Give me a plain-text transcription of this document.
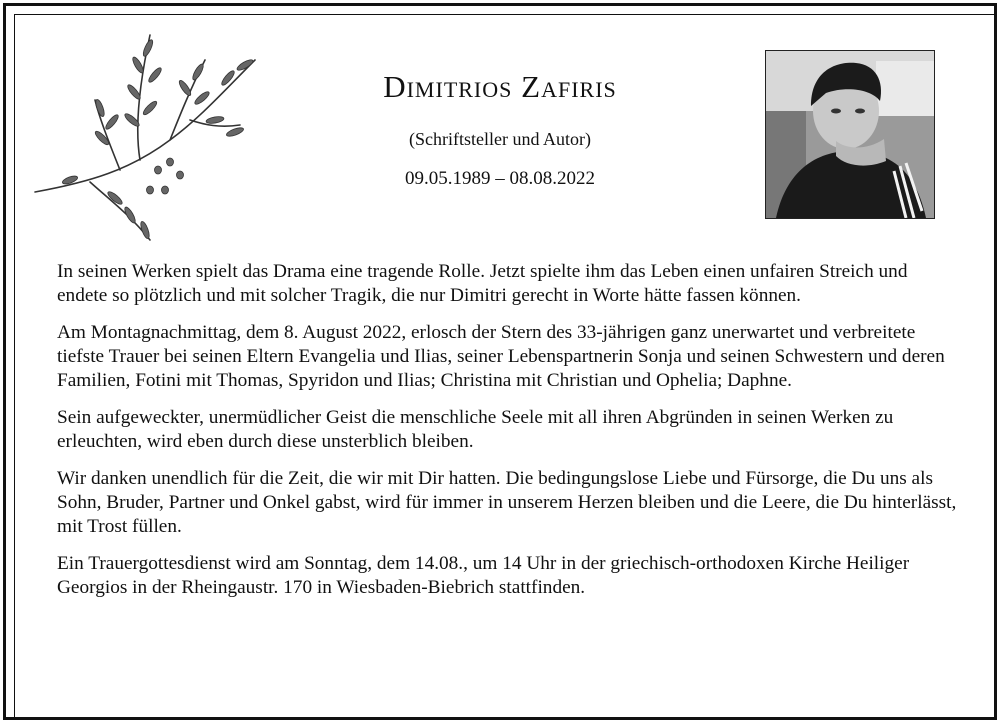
Dimitrios Zafiris
(Schriftsteller und Autor)
09.05.1989 – 08.08.2022

In seinen Werken spielt das Drama eine tragende Rolle. Jetzt spielte ihm das Leben einen unfairen Streich und endete so plötzlich und mit solcher Tragik, die nur Dimitri gerecht in Worte hätte fassen können.

Am Montagnachmittag, dem 8. August 2022, erlosch der Stern des 33-jährigen ganz unerwartet und verbreitete tiefste Trauer bei seinen Eltern Evangelia und Ilias, seiner Lebenspartnerin Sonja und seinen Schwestern und deren Familien, Fotini mit Thomas, Spyridon und Ilias; Christina mit Christian und Ophelia; Daphne.

Sein aufgeweckter, unermüdlicher Geist die menschliche Seele mit all ihren Abgründen in seinen Werken zu erleuchten, wird eben durch diese unsterblich bleiben.

Wir danken unendlich für die Zeit, die wir mit Dir hatten. Die bedingungslose Liebe und Fürsorge, die Du uns als Sohn, Bruder, Partner und Onkel gabst, wird für immer in unserem Herzen bleiben und die Leere, die Du hinterlässt, mit Trost füllen.

Ein Trauergottesdienst wird am Sonntag, dem 14.08., um 14 Uhr in der griechisch-orthodoxen Kirche Heiliger Georgios in der Rheingaustr. 170 in Wiesbaden-Biebrich stattfinden.
